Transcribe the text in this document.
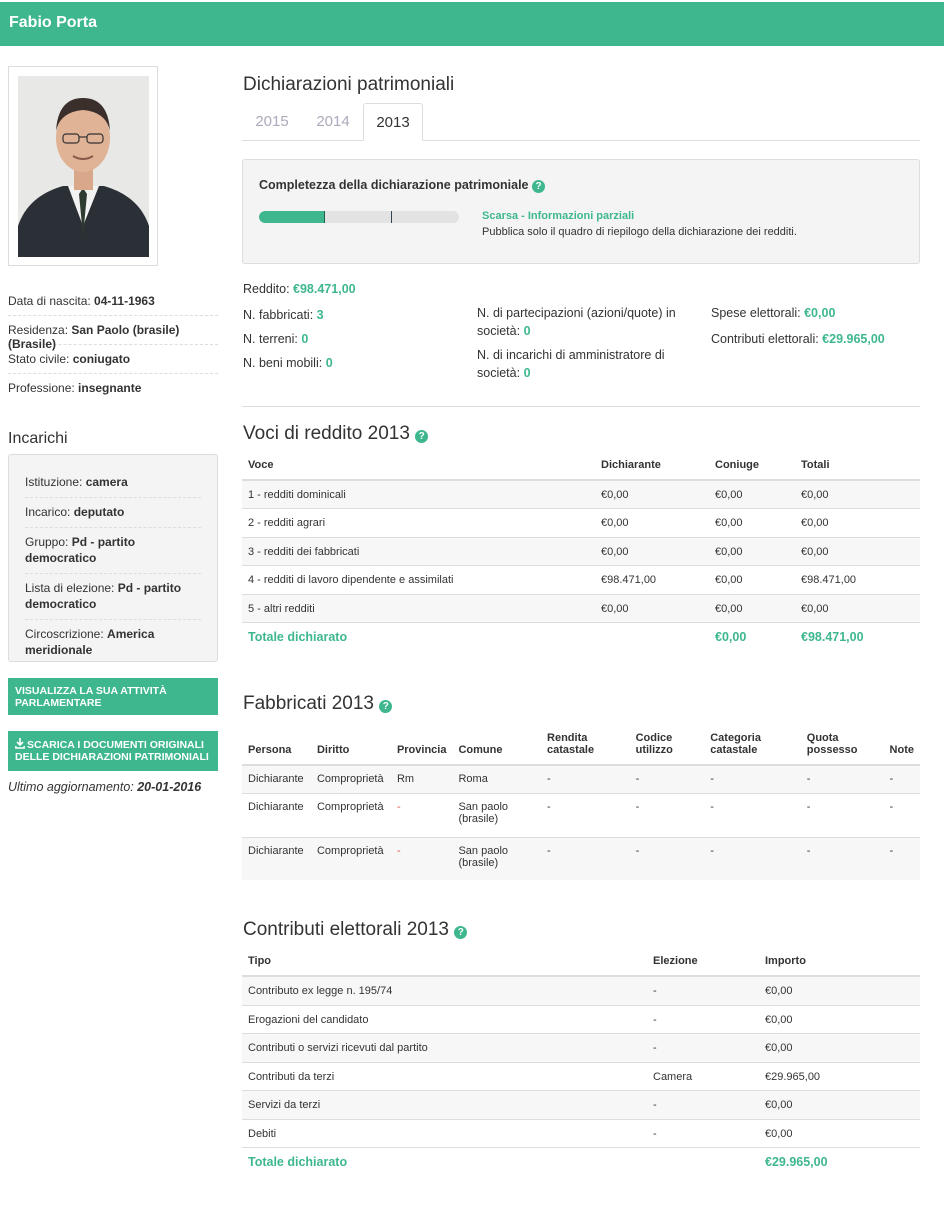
Fabio Porta
Data di nascita: 04-11-1963
Residenza: San Paolo (brasile) (Brasile)
Stato civile: coniugato
Professione: insegnante
Incarichi
Istituzione: camera
Incarico: deputato
Gruppo: Pd - partito democratico
Lista di elezione: Pd - partito democratico
Circoscrizione: America meridionale
VISUALIZZA LA SUA ATTIVITÀ PARLAMENTARE
SCARICA I DOCUMENTI ORIGINALI DELLE DICHIARAZIONI PATRIMONIALI
Ultimo aggiornamento: 20-01-2016
Dichiarazioni patrimoniali
2015	2014	2013
Completezza della dichiarazione patrimoniale ?
Scarsa - Informazioni parziali
Pubblica solo il quadro di riepilogo della dichiarazione dei redditi.
Reddito: €98.471,00
N. fabbricati: 3
N. terreni: 0
N. beni mobili: 0
N. di partecipazioni (azioni/quote) in società: 0
N. di incarichi di amministratore di società: 0
Spese elettorali: €0,00
Contributi elettorali: €29.965,00
Voci di reddito 2013 ?
Voce	Dichiarante	Coniuge	Totali
1 - redditi dominicali	€0,00	€0,00	€0,00
2 - redditi agrari	€0,00	€0,00	€0,00
3 - redditi dei fabbricati	€0,00	€0,00	€0,00
4 - redditi di lavoro dipendente e assimilati	€98.471,00	€0,00	€98.471,00
5 - altri redditi	€0,00	€0,00	€0,00
Totale dichiarato		€0,00	€98.471,00
Fabbricati 2013 ?
Persona	Diritto	Provincia	Comune	Rendita catastale	Codice utilizzo	Categoria catastale	Quota possesso	Note
Dichiarante	Comproprietà	Rm	Roma	-	-	-	-	-
Dichiarante	Comproprietà	-	San paolo (brasile)	-	-	-	-	-
Dichiarante	Comproprietà	-	San paolo (brasile)	-	-	-	-	-
Contributi elettorali 2013 ?
Tipo	Elezione	Importo
Contributo ex legge n. 195/74	-	€0,00
Erogazioni del candidato	-	€0,00
Contributi o servizi ricevuti dal partito	-	€0,00
Contributi da terzi	Camera	€29.965,00
Servizi da terzi	-	€0,00
Debiti	-	€0,00
Totale dichiarato		€29.965,00
